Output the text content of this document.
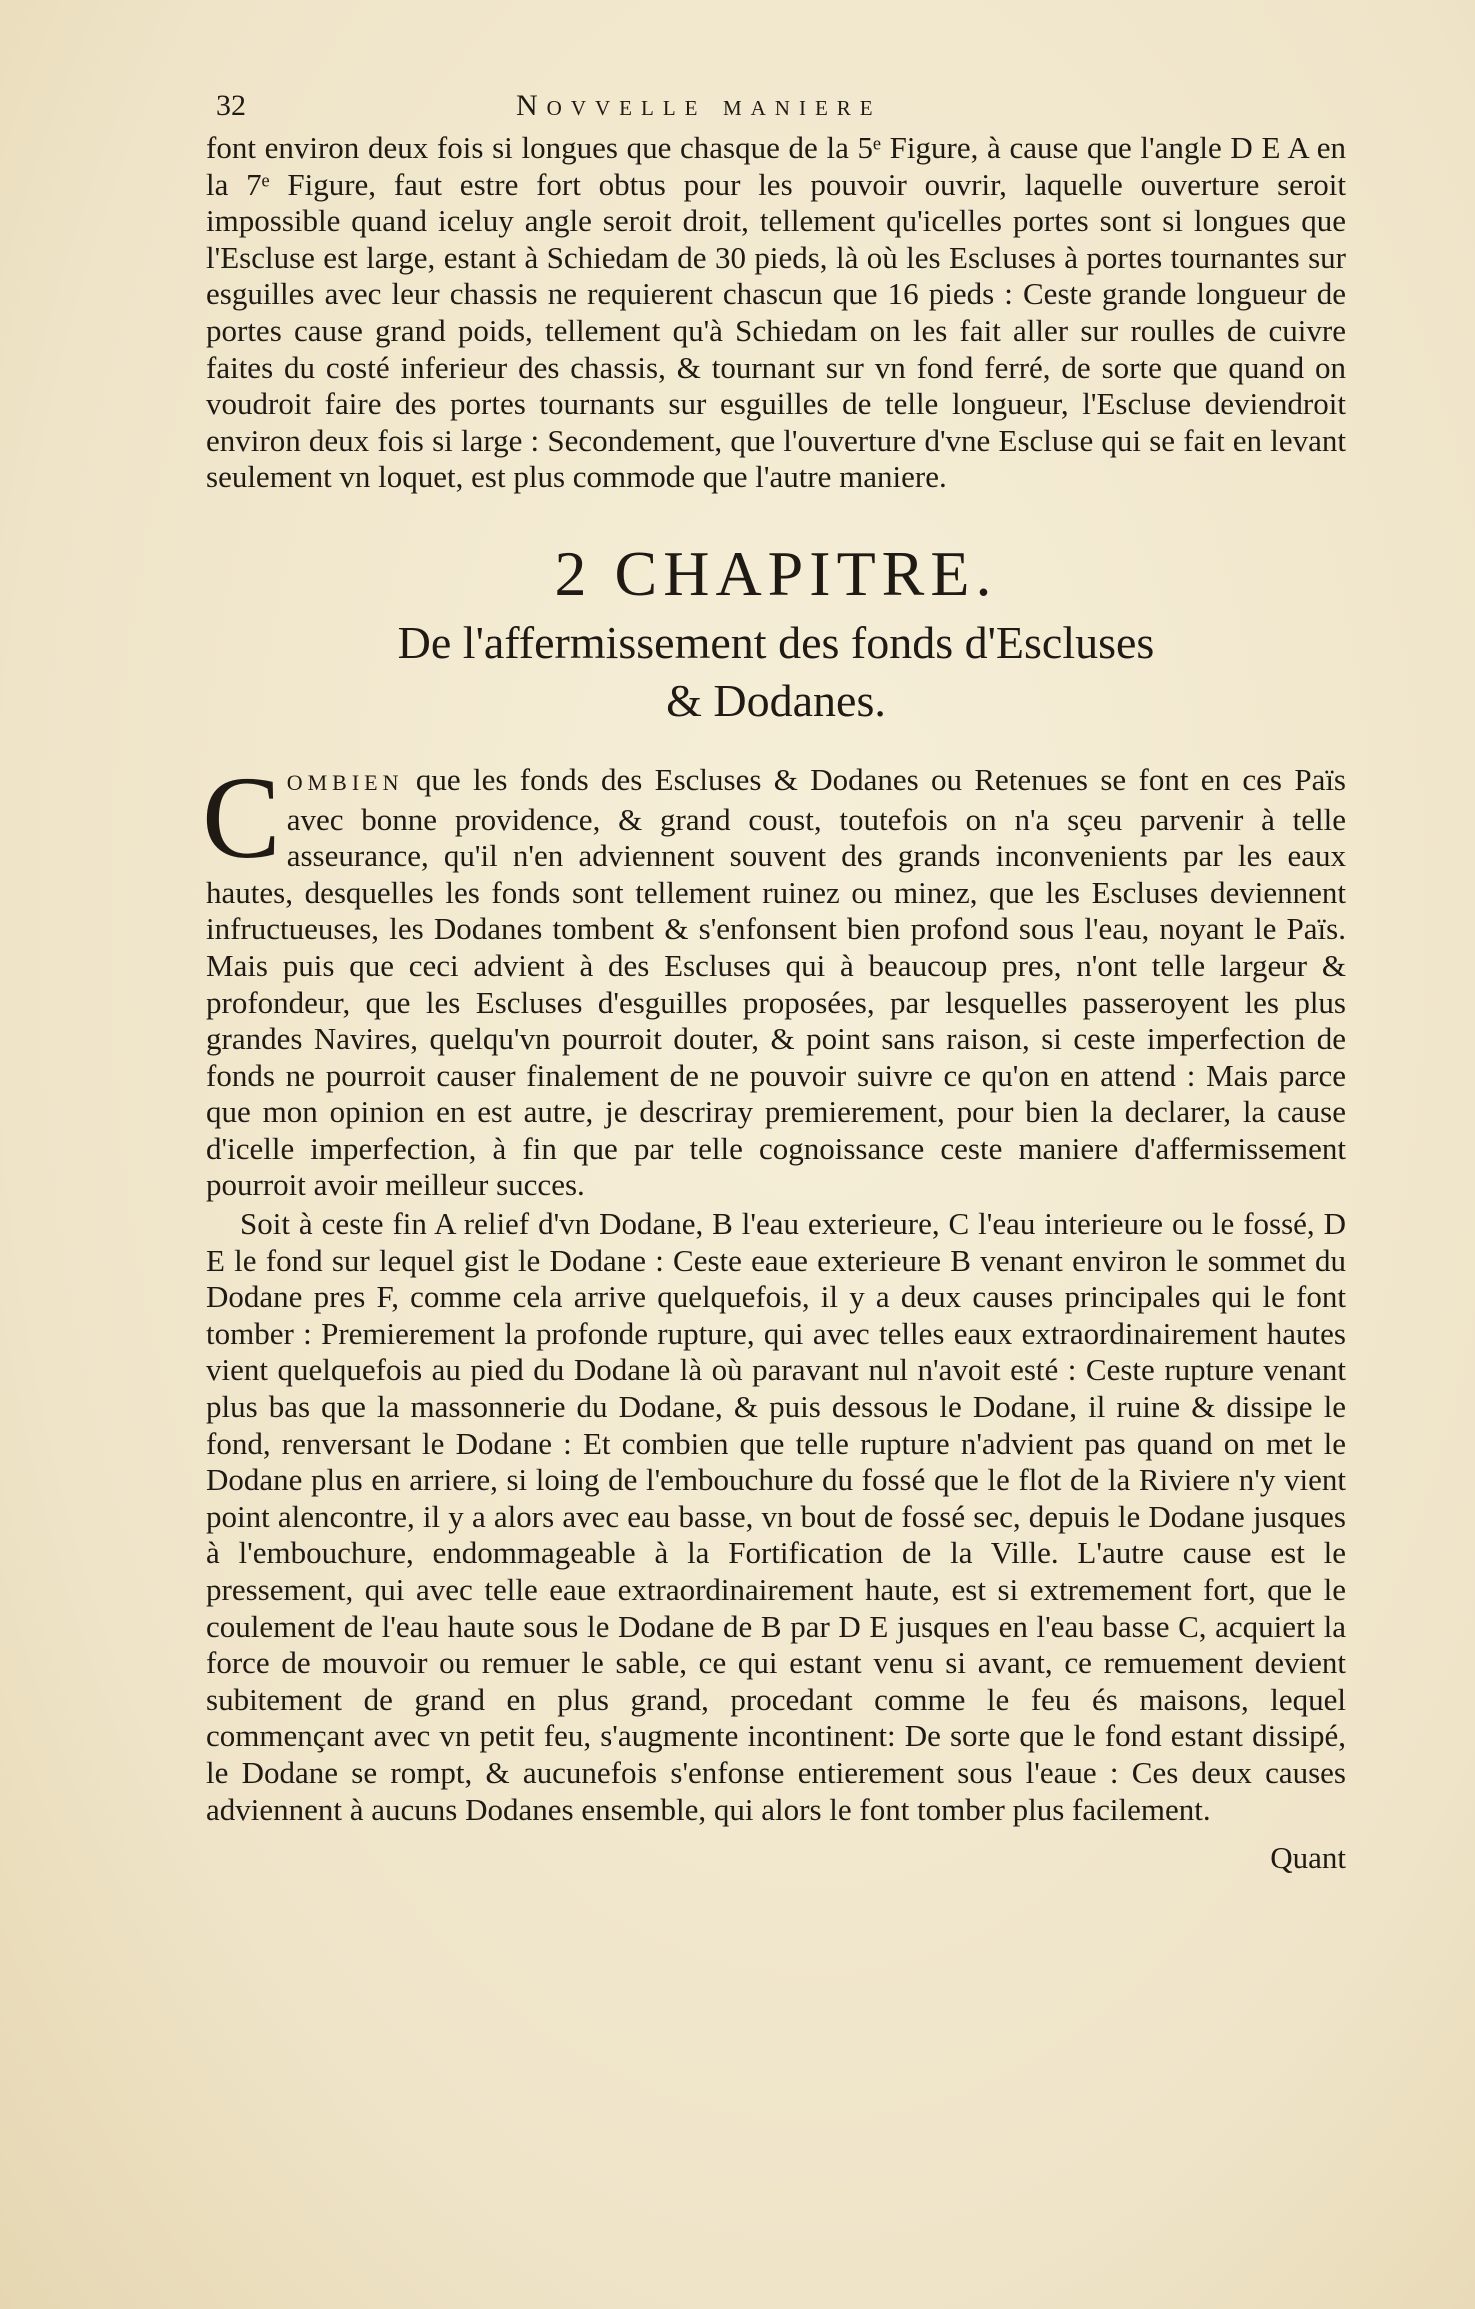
32	Novvelle maniere

font environ deux fois si longues que chasque de la 5ᵉ Figure, à cause que l'angle D E A en la 7ᵉ Figure, faut estre fort obtus pour les pouvoir ouvrir, laquelle ouverture seroit impossible quand iceluy angle seroit droit, tellement qu'icelles portes sont si longues que l'Escluse est large, estant à Schiedam de 30 pieds, là où les Escluses à portes tournantes sur esguilles avec leur chassis ne requierent chascun que 16 pieds : Ceste grande longueur de portes cause grand poids, tellement qu'à Schiedam on les fait aller sur roulles de cuivre faites du costé inferieur des chassis, & tournant sur vn fond ferré, de sorte que quand on voudroit faire des portes tournants sur esguilles de telle longueur, l'Escluse deviendroit environ deux fois si large : Secondement, que l'ouverture d'vne Escluse qui se fait en levant seulement vn loquet, est plus commode que l'autre maniere.

2 CHAPITRE.

De l'affermissement des fonds d'Escluses

& Dodanes.

C OMBIEN que les fonds des Escluses & Dodanes ou Retenues se font en ces Païs avec bonne providence, & grand coust, toutefois on n'a sçeu parvenir à telle asseurance, qu'il n'en adviennent souvent des grands inconvenients par les eaux hautes, desquelles les fonds sont tellement ruinez ou minez, que les Escluses deviennent infructueuses, les Dodanes tombent & s'enfonsent bien profond sous l'eau, noyant le Païs. Mais puis que ceci advient à des Escluses qui à beaucoup pres, n'ont telle largeur & profondeur, que les Escluses d'esguilles proposées, par lesquelles passeroyent les plus grandes Navires, quelqu'vn pourroit douter, & point sans raison, si ceste imperfection de fonds ne pourroit causer finalement de ne pouvoir suivre ce qu'on en attend : Mais parce que mon opinion en est autre, je descriray premierement, pour bien la declarer, la cause d'icelle imperfection, à fin que par telle cognoissance ceste maniere d'affermissement pourroit avoir meilleur succes.

Soit à ceste fin A relief d'vn Dodane, B l'eau exterieure, C l'eau interieure ou le fossé, D E le fond sur lequel gist le Dodane : Ceste eaue exterieure B venant environ le sommet du Dodane pres F, comme cela arrive quelquefois, il y a deux causes principales qui le font tomber : Premierement la profonde rupture, qui avec telles eaux extraordinairement hautes vient quelquefois au pied du Dodane là où paravant nul n'avoit esté : Ceste rupture venant plus bas que la massonnerie du Dodane, & puis dessous le Dodane, il ruine & dissipe le fond, renversant le Dodane : Et combien que telle rupture n'advient pas quand on met le Dodane plus en arriere, si loing de l'embouchure du fossé que le flot de la Riviere n'y vient point alencontre, il y a alors avec eau basse, vn bout de fossé sec, depuis le Dodane jusques à l'embouchure, endommageable à la Fortification de la Ville. L'autre cause est le pressement, qui avec telle eaue extraordinairement haute, est si extremement fort, que le coulement de l'eau haute sous le Dodane de B par D E jusques en l'eau basse C, acquiert la force de mouvoir ou remuer le sable, ce qui estant venu si avant, ce remuement devient subitement de grand en plus grand, procedant comme le feu és maisons, lequel commençant avec vn petit feu, s'augmente incontinent: De sorte que le fond estant dissipé, le Dodane se rompt, & aucunefois s'enfonse entierement sous l'eaue : Ces deux causes adviennent à aucuns Dodanes ensemble, qui alors le font tomber plus facilement.

Quant
